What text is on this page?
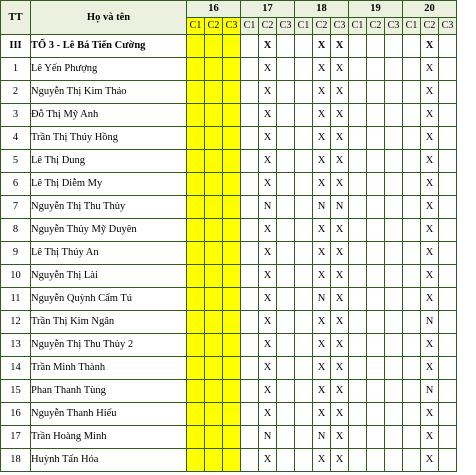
TT	Họ và tên	16			17			18			19			20		
		C1	C2	C3	C1	C2	C3	C1	C2	C3	C1	C2	C3	C1	C2	C3
III	TỔ 3 - Lê Bá Tiến Cường					X			X	X					X	
1	Lê Yến Phượng					X			X	X					X	
2	Nguyễn Thị Kim Thảo					X			X	X					X	
3	Đỗ Thị Mỹ Anh					X			X	X					X	
4	Trần Thị Thúy Hồng					X			X	X					X	
5	Lê Thị Dung					X			X	X					X	
6	Lê Thị Diễm My					X			X	X					X	
7	Nguyễn Thị Thu Thủy					N			N	N					X	
8	Nguyễn Thủy Mỹ Duyên					X			X	X					X	
9	Lê Thị Thúy An					X			X	X					X	
10	Nguyễn Thị Lài					X			X	X					X	
11	Nguyễn Quỳnh Cẩm Tú					X			N	X					X	
12	Trần Thị Kim Ngân					X			X	X					N	
13	Nguyễn Thị Thu Thủy 2					X			X	X					X	
14	Trần Minh Thành					X			X	X					X	
15	Phan Thanh Tùng					X			X	X					N	
16	Nguyễn Thanh Hiếu					X			X	X					X	
17	Trần Hoàng Minh					N			N	X					X	
18	Huỳnh Tấn Hóa					X			X	X					X	
